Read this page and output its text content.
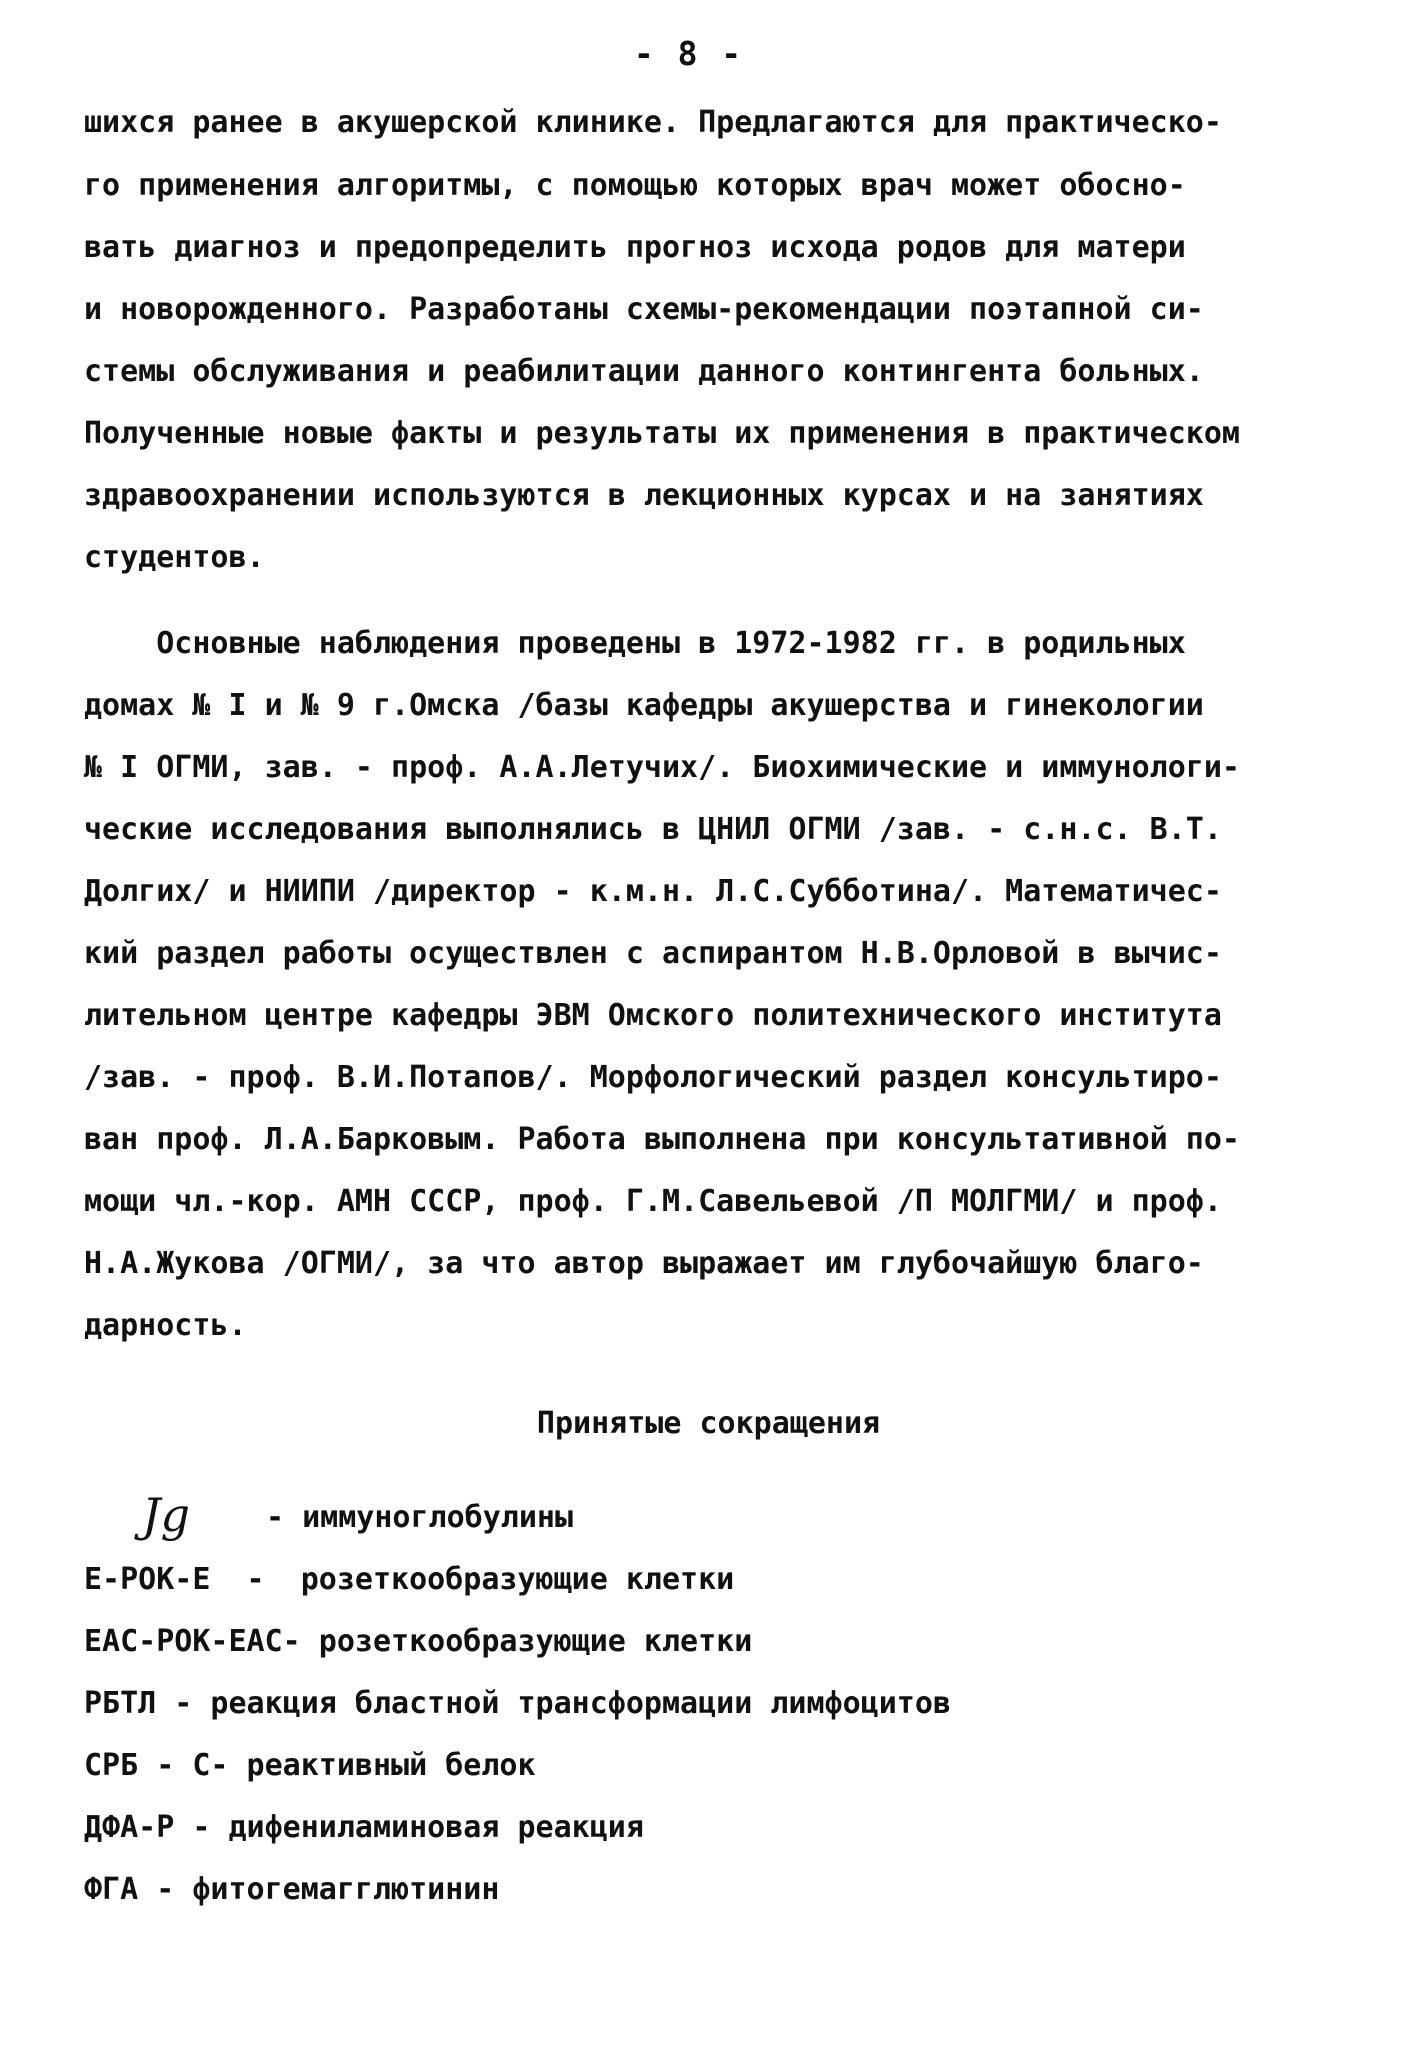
- 8 -
шихся ранее в акушерской клинике. Предлагаются для практическо-
го применения алгоритмы, с помощью которых врач может обосно-
вать диагноз и предопределить прогноз исхода родов для матери
и новорожденного. Разработаны схемы-рекомендации поэтапной си-
стемы обслуживания и реабилитации данного контингента больных.
Полученные новые факты и результаты их применения в практическом
здравоохранении используются в лекционных курсах и на занятиях
студентов.
Основные наблюдения проведены в 1972-1982 гг. в родильных
домах № I и № 9 г.Омска /базы кафедры акушерства и гинекологии
№ I ОГМИ, зав. - проф. А.А.Летучих/. Биохимические и иммунологи-
ческие исследования выполнялись в ЦНИЛ ОГМИ /зав. - с.н.с. В.Т.
Долгих/ и НИИПИ /директор - к.м.н. Л.С.Субботина/. Математичес-
кий раздел работы осуществлен с аспирантом Н.В.Орловой в вычис-
лительном центре кафедры ЭВМ Омского политехнического института
/зав. - проф. В.И.Потапов/. Морфологический раздел консультиро-
ван проф. Л.А.Барковым. Работа выполнена при консультативной по-
мощи чл.-кор. АМН СССР, проф. Г.М.Савельевой /П МОЛГМИ/ и проф.
Н.А.Жукова /ОГМИ/, за что автор выражает им глубочайшую благо-
дарность.
Принятые сокращения
Jg	- иммуноглобулины
Е-РОК-Е  -  розеткообразующие клетки
ЕАС-РОК-ЕАС- розеткообразующие клетки
РБТЛ - реакция бластной трансформации лимфоцитов
СРБ - С- реактивный белок
ДФА-Р - дифениламиновая реакция
ФГА - фитогемагглютинин
